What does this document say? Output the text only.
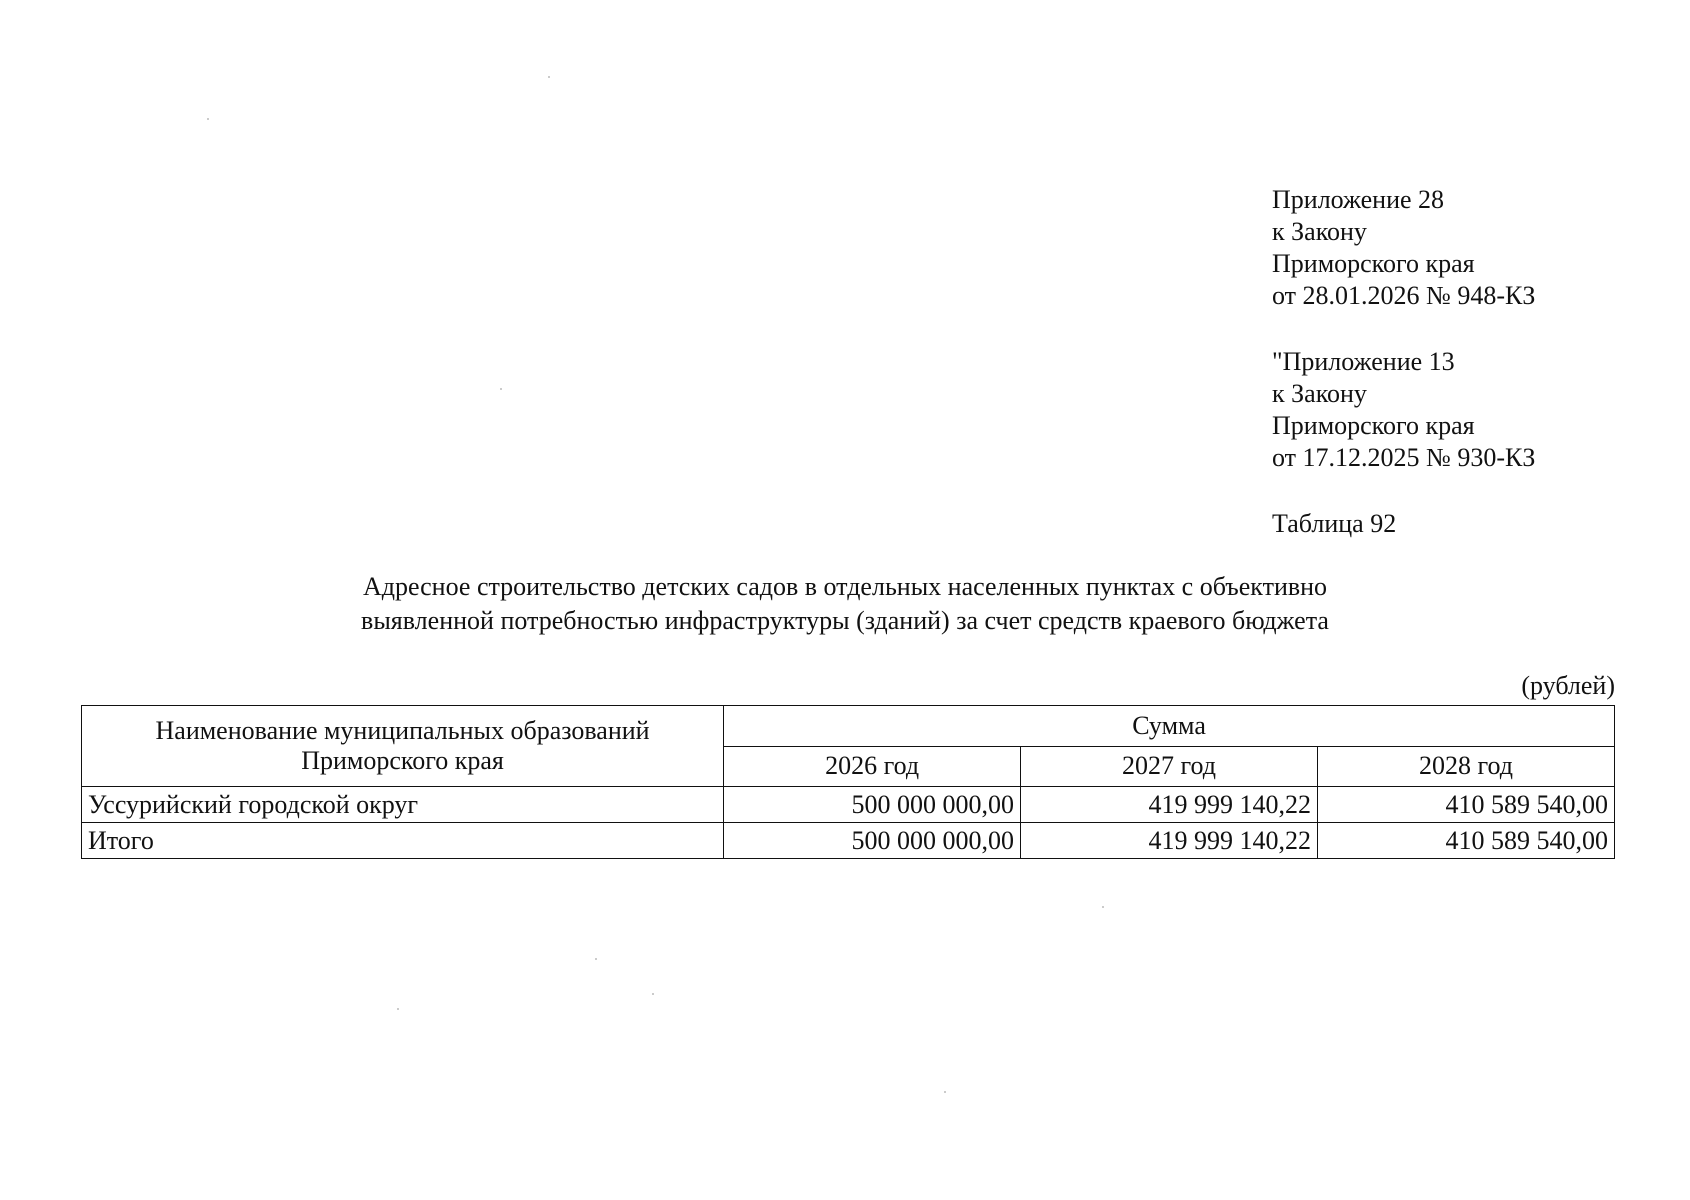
Приложение 28
к Закону
Приморского края
от 28.01.2026 № 948-КЗ
"Приложение 13
к Закону
Приморского края
от 17.12.2025 № 930-КЗ
Таблица 92
Адресное строительство детских садов в отдельных населенных пунктах с объективно
выявленной потребностью инфраструктуры (зданий) за счет средств краевого бюджета
(рублей)
Наименование муниципальных образований
Приморского края	Сумма		
	2026 год	2027 год	2028 год
Уссурийский городской округ	500 000 000,00	419 999 140,22	410 589 540,00
Итого	500 000 000,00	419 999 140,22	410 589 540,00
